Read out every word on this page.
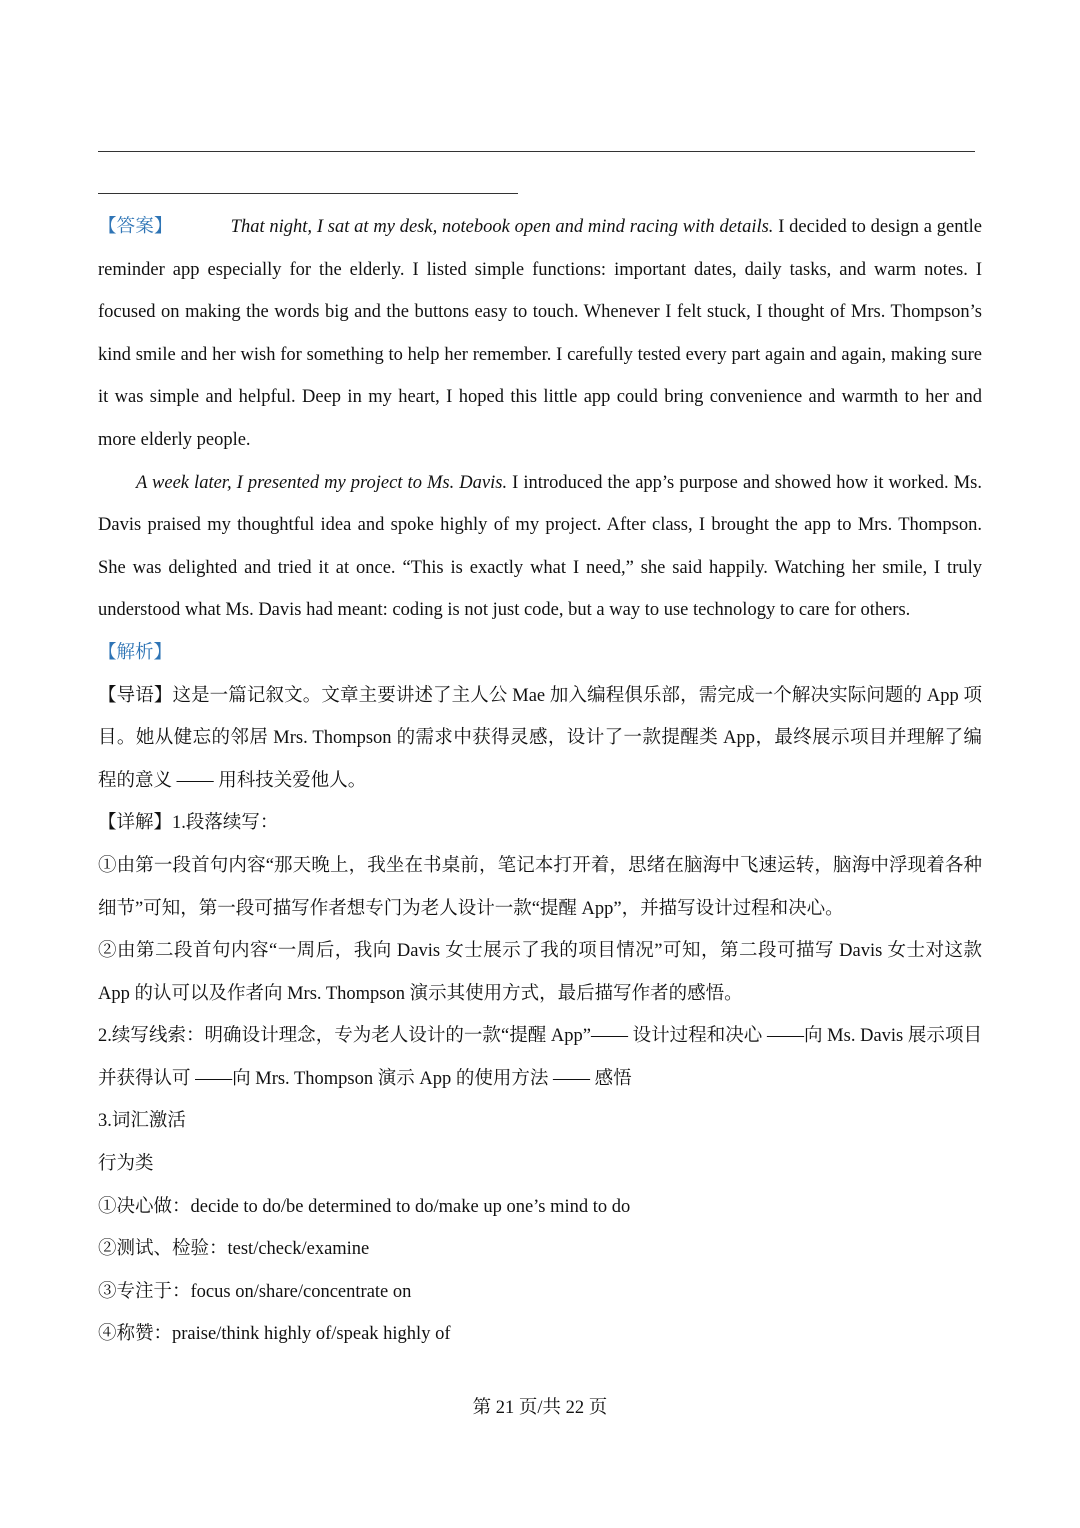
【答案】	That night, I sat at my desk, notebook open and mind racing with details. I decided to design a gentle reminder app especially for the elderly. I listed simple functions: important dates, daily tasks, and warm notes. I focused on making the words big and the buttons easy to touch. Whenever I felt stuck, I thought of Mrs. Thompson’s kind smile and her wish for something to help her remember. I carefully tested every part again and again, making sure it was simple and helpful. Deep in my heart, I hoped this little app could bring convenience and warmth to her and more elderly people.

A week later, I presented my project to Ms. Davis. I introduced the app’s purpose and showed how it worked. Ms. Davis praised my thoughtful idea and spoke highly of my project. After class, I brought the app to Mrs. Thompson. She was delighted and tried it at once. “This is exactly what I need,” she said happily. Watching her smile, I truly understood what Ms. Davis had meant: coding is not just code, but a way to use technology to care for others.

【解析】

【导语】这是一篇记叙文。文章主要讲述了主人公 Mae 加入编程俱乐部，需完成一个解决实际问题的 App 项目。她从健忘的邻居 Mrs. Thompson 的需求中获得灵感，设计了一款提醒类 App，最终展示项目并理解了编程的意义 —— 用科技关爱他人。

【详解】1.段落续写：

①由第一段首句内容“那天晚上，我坐在书桌前，笔记本打开着，思绪在脑海中飞速运转，脑海中浮现着各种细节”可知，第一段可描写作者想专门为老人设计一款“提醒 App”，并描写设计过程和决心。

②由第二段首句内容“一周后，我向 Davis 女士展示了我的项目情况”可知，第二段可描写 Davis 女士对这款 App 的认可以及作者向 Mrs. Thompson 演示其使用方式，最后描写作者的感悟。

2.续写线索：明确设计理念，专为老人设计的一款“提醒 App”—— 设计过程和决心 ——向 Ms. Davis 展示项目并获得认可 ——向 Mrs. Thompson 演示 App 的使用方法 —— 感悟

3.词汇激活

行为类

①决心做：decide to do/be determined to do/make up one’s mind to do

②测试、检验：test/check/examine

③专注于：focus on/share/concentrate on

④称赞：praise/think highly of/speak highly of

第 21 页/共 22 页
